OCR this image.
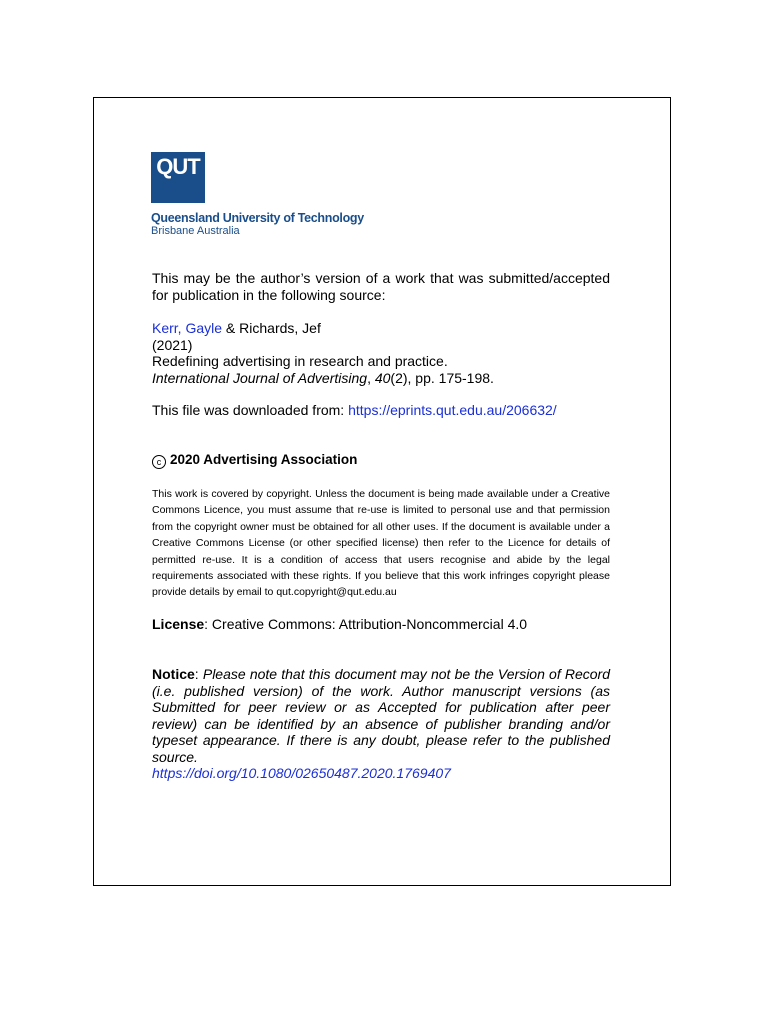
QUT
Queensland University of Technology
Brisbane Australia
This may be the author’s version of a work that was submitted/accepted for publication in the following source:
Kerr, Gayle & Richards, Jef
(2021)
Redefining advertising in research and practice.
International Journal of Advertising, 40(2), pp. 175-198.
This file was downloaded from: https://eprints.qut.edu.au/206632/
c 2020 Advertising Association
This work is covered by copyright. Unless the document is being made available under a Creative Commons Licence, you must assume that re-use is limited to personal use and that permission from the copyright owner must be obtained for all other uses. If the document is available under a Creative Commons License (or other specified license) then refer to the Licence for details of permitted re-use. It is a condition of access that users recognise and abide by the legal requirements associated with these rights. If you believe that this work infringes copyright please provide details by email to qut.copyright@qut.edu.au
License: Creative Commons: Attribution-Noncommercial 4.0
Notice: Please note that this document may not be the Version of Record (i.e. published version) of the work. Author manuscript versions (as Submitted for peer review or as Accepted for publication after peer review) can be identified by an absence of publisher branding and/or typeset appearance. If there is any doubt, please refer to the published source.
https://doi.org/10.1080/02650487.2020.1769407
